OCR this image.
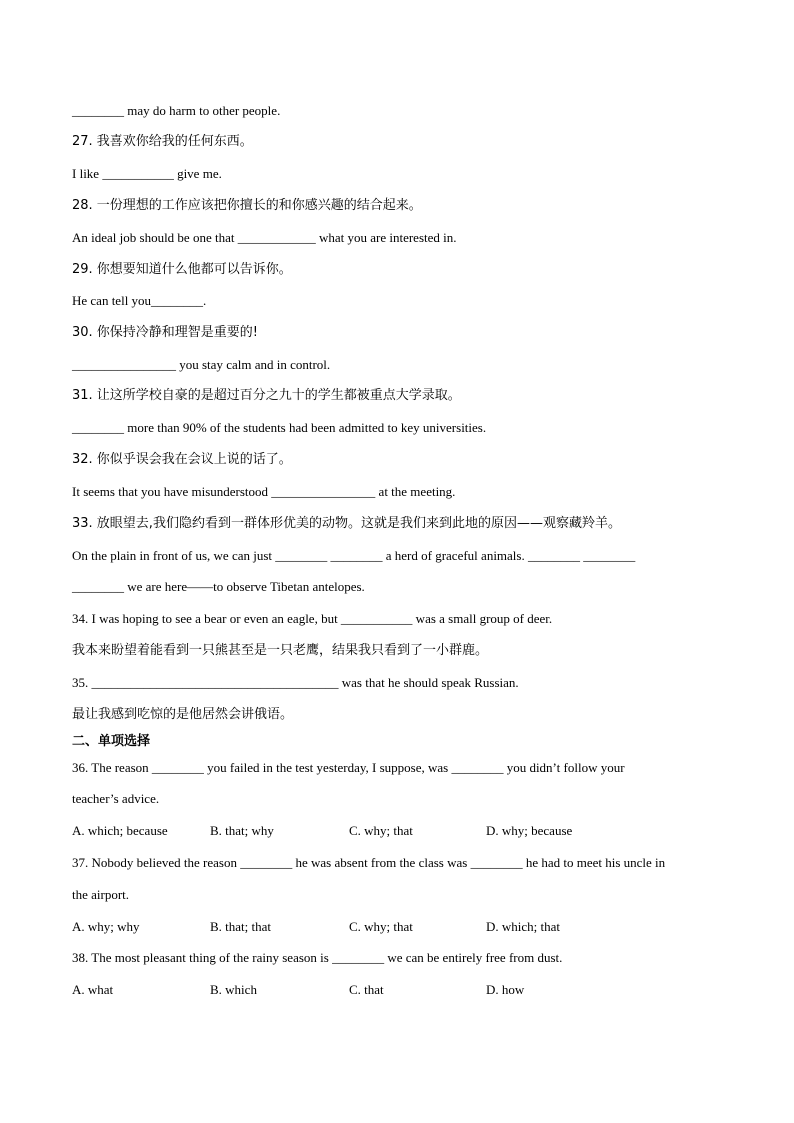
________ may do harm to other people.
27. 我喜欢你给我的任何东西。
I like ___________ give me.
28. 一份理想的工作应该把你擅长的和你感兴趣的结合起来。
An ideal job should be one that ____________ what you are interested in.
29. 你想要知道什么他都可以告诉你。
He can tell you________.
30. 你保持冷静和理智是重要的!
________________ you stay calm and in control.
31. 让这所学校自豪的是超过百分之九十的学生都被重点大学录取。
________ more than 90% of the students had been admitted to key universities.
32. 你似乎误会我在会议上说的话了。
It seems that you have misunderstood ________________ at the meeting.
33. 放眼望去,我们隐约看到一群体形优美的动物。这就是我们来到此地的原因——观察藏羚羊。
On the plain in front of us, we can just ________ ________ a herd of graceful animals. ________ ________
________ we are here——to observe Tibetan antelopes.
34. I was hoping to see a bear or even an eagle, but ___________ was a small group of deer.
我本来盼望着能看到一只熊甚至是一只老鹰，结果我只看到了一小群鹿。
35. ______________________________________ was that he should speak Russian.
最让我感到吃惊的是他居然会讲俄语。
二、单项选择
36. The reason ________ you failed in the test yesterday, I suppose, was ________ you didn’t follow your
teacher’s advice.
A. which; because	B. that; why	C. why; that	D. why; because
37. Nobody believed the reason ________ he was absent from the class was ________ he had to meet his uncle in
the airport.
A. why; why	B. that; that	C. why; that	D. which; that
38. The most pleasant thing of the rainy season is ________ we can be entirely free from dust.
A. what	B. which	C. that	D. how
